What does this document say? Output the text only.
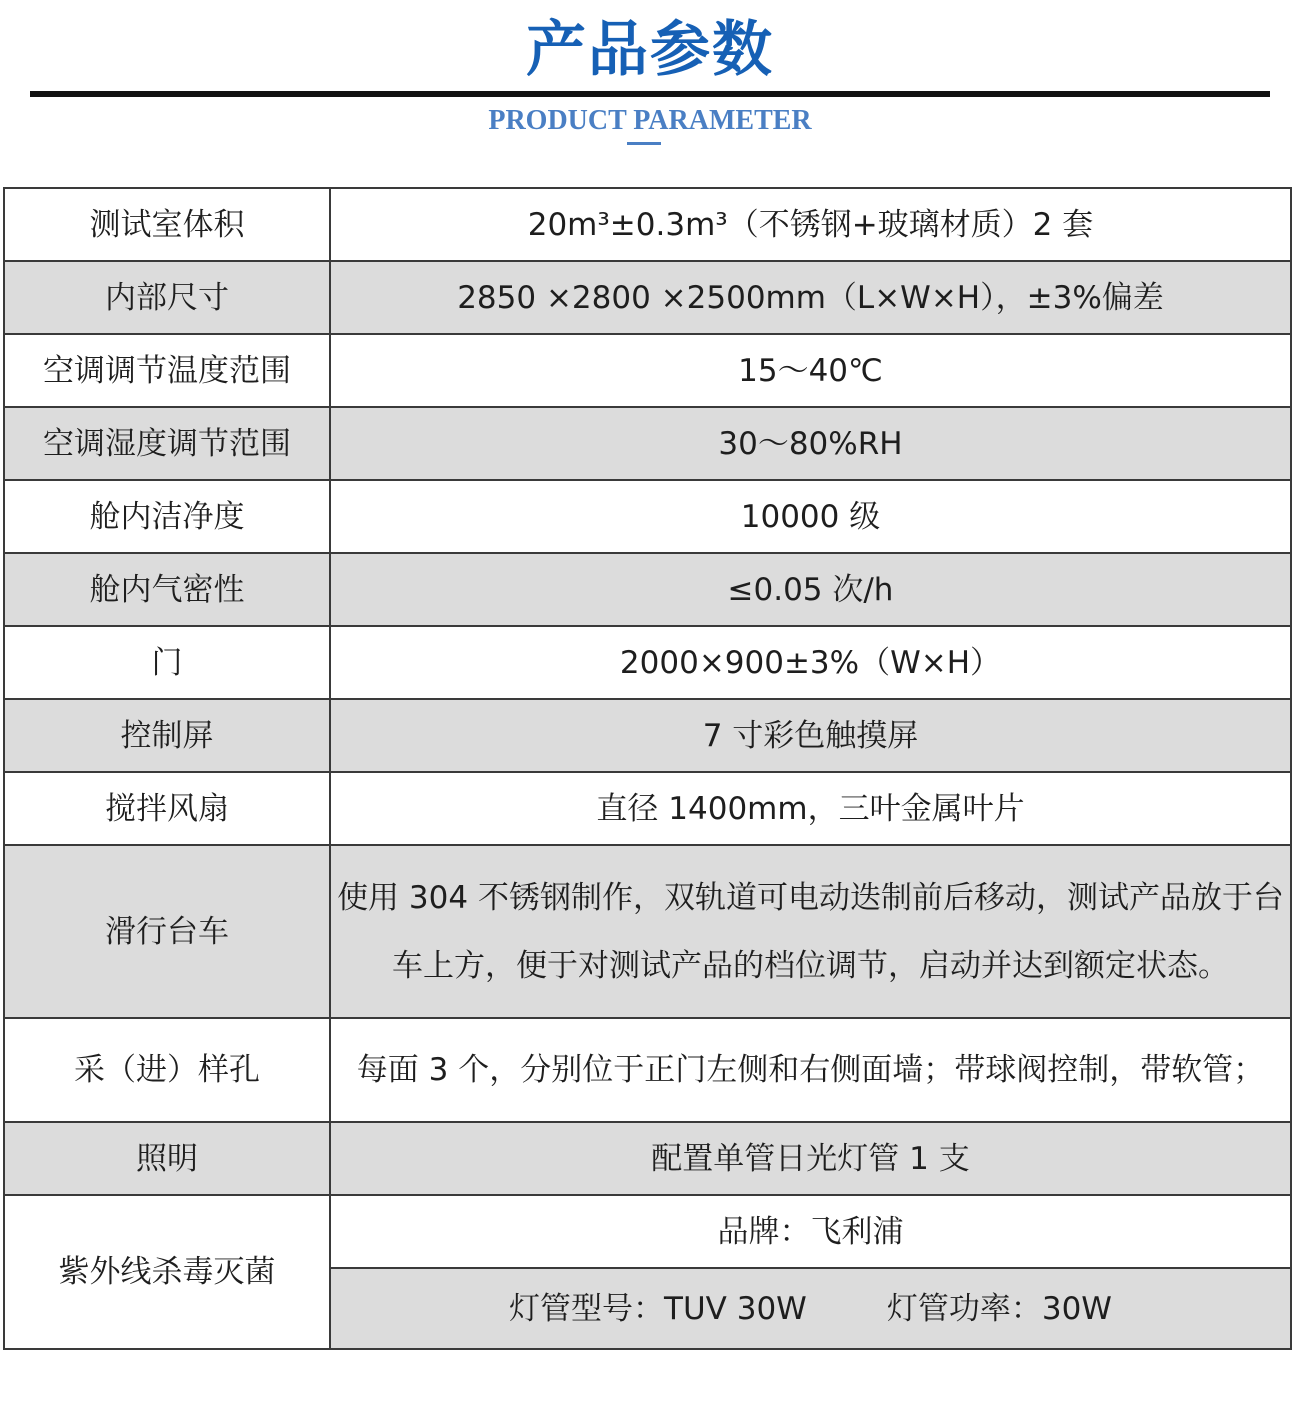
产品参数
PRODUCT PARAMETER
测试室体积	20m³±0.3m³（不锈钢+玻璃材质）2 套
内部尺寸	2850 ×2800 ×2500mm（L×W×H），±3%偏差
空调调节温度范围	15～40℃
空调湿度调节范围	30～80%RH
舱内洁净度	10000 级
舱内气密性	≤0.05 次/h
门	2000×900±3%（W×H）
控制屏	7 寸彩色触摸屏
搅拌风扇	直径 1400mm，三叶金属叶片
滑行台车	使用 304 不锈钢制作，双轨道可电动迭制前后移动，测试产品放于台车上方，便于对测试产品的档位调节，启动并达到额定状态。
采（进）样孔	每面 3 个，分别位于正门左侧和右侧面墙；带球阀控制，带软管；
照明	配置单管日光灯管 1 支
紫外线杀毒灭菌	品牌：飞利浦
	灯管型号：TUV 30W 灯管功率：30W
